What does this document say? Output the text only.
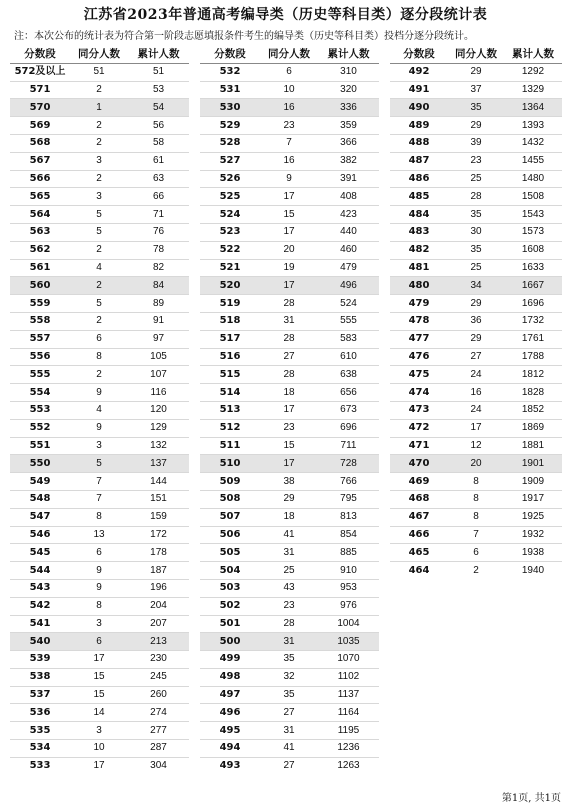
江苏省2023年普通高考编导类（历史等科目类）逐分段统计表
注：本次公布的统计表为符合第一阶段志愿填报条件考生的编导类（历史等科目类）投档分逐分段统计。
分数段	同分人数	累计人数
572及以上	51	51
571	2	53
570	1	54
569	2	56
568	2	58
567	3	61
566	2	63
565	3	66
564	5	71
563	5	76
562	2	78
561	4	82
560	2	84
559	5	89
558	2	91
557	6	97
556	8	105
555	2	107
554	9	116
553	4	120
552	9	129
551	3	132
550	5	137
549	7	144
548	7	151
547	8	159
546	13	172
545	6	178
544	9	187
543	9	196
542	8	204
541	3	207
540	6	213
539	17	230
538	15	245
537	15	260
536	14	274
535	3	277
534	10	287
533	17	304
分数段	同分人数	累计人数
532	6	310
531	10	320
530	16	336
529	23	359
528	7	366
527	16	382
526	9	391
525	17	408
524	15	423
523	17	440
522	20	460
521	19	479
520	17	496
519	28	524
518	31	555
517	28	583
516	27	610
515	28	638
514	18	656
513	17	673
512	23	696
511	15	711
510	17	728
509	38	766
508	29	795
507	18	813
506	41	854
505	31	885
504	25	910
503	43	953
502	23	976
501	28	1004
500	31	1035
499	35	1070
498	32	1102
497	35	1137
496	27	1164
495	31	1195
494	41	1236
493	27	1263
分数段	同分人数	累计人数
492	29	1292
491	37	1329
490	35	1364
489	29	1393
488	39	1432
487	23	1455
486	25	1480
485	28	1508
484	35	1543
483	30	1573
482	35	1608
481	25	1633
480	34	1667
479	29	1696
478	36	1732
477	29	1761
476	27	1788
475	24	1812
474	16	1828
473	24	1852
472	17	1869
471	12	1881
470	20	1901
469	8	1909
468	8	1917
467	8	1925
466	7	1932
465	6	1938
464	2	1940
第1页, 共1页
